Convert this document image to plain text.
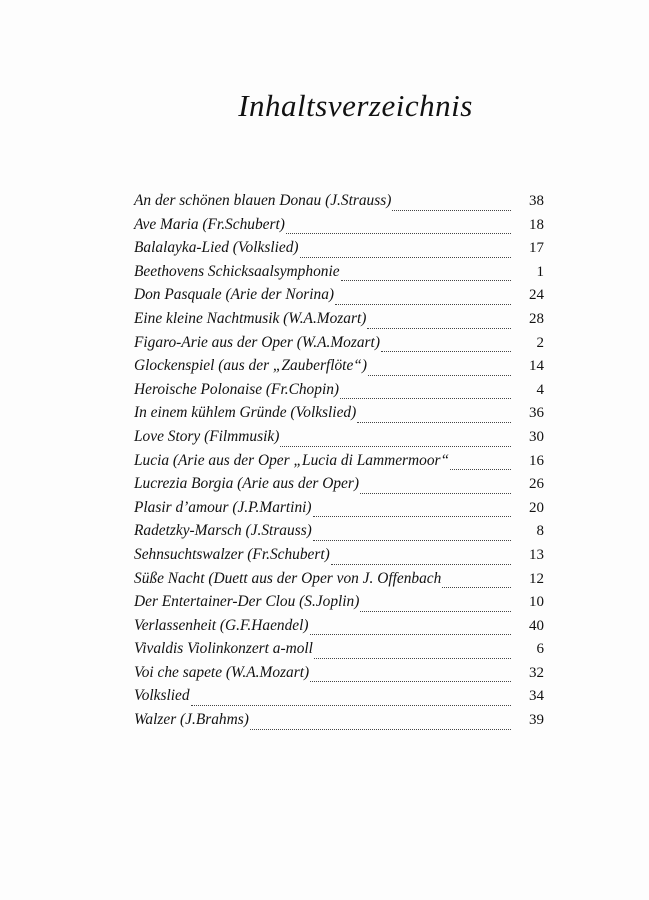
Inhaltsverzeichnis
An der schönen blauen Donau (J.Strauss)	38
Ave Maria (Fr.Schubert)	18
Balalayka-Lied (Volkslied)	17
Beethovens Schicksaalsymphonie	1
Don Pasquale (Arie der Norina)	24
Eine kleine Nachtmusik (W.A.Mozart)	28
Figaro-Arie aus der Oper (W.A.Mozart)	2
Glockenspiel (aus der „Zauberflöte“)	14
Heroische Polonaise (Fr.Chopin)	4
In einem kühlem Gründe (Volkslied)	36
Love Story (Filmmusik)	30
Lucia (Arie aus der Oper „Lucia di Lammermoor“	16
Lucrezia Borgia (Arie aus der Oper)	26
Plasir d’amour (J.P.Martini)	20
Radetzky-Marsch (J.Strauss)	8
Sehnsuchtswalzer (Fr.Schubert)	13
Süße Nacht (Duett aus der Oper von J. Offenbach	12
Der Entertainer-Der Clou (S.Joplin)	10
Verlassenheit (G.F.Haendel)	40
Vivaldis Violinkonzert a-moll	6
Voi che sapete (W.A.Mozart)	32
Volkslied	34
Walzer (J.Brahms)	39
